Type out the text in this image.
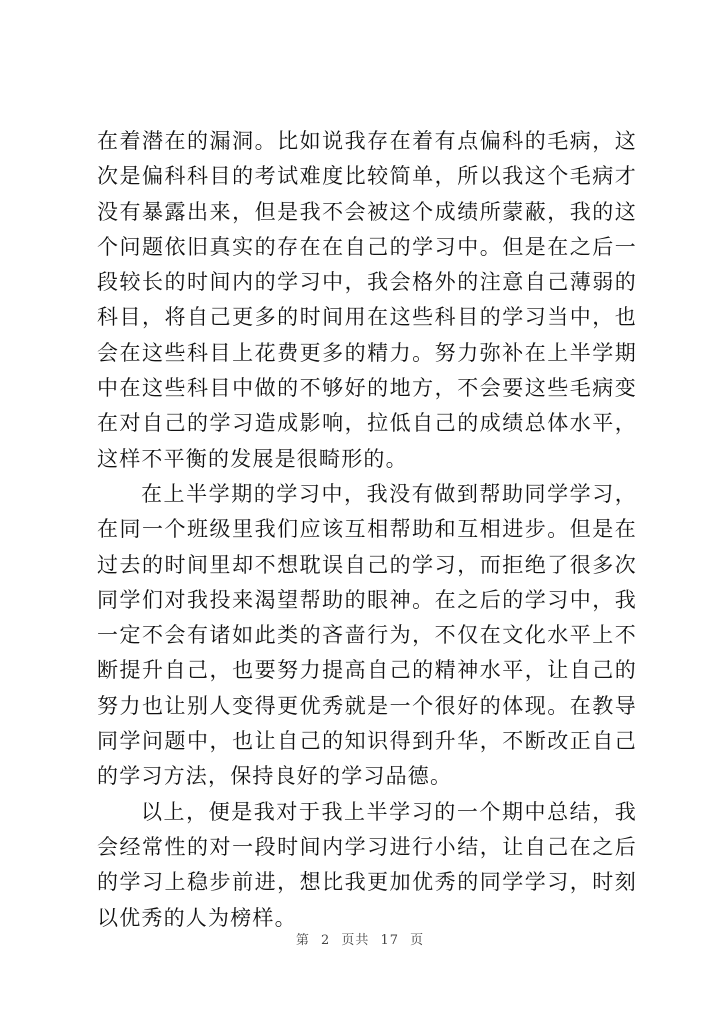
在着潜在的漏洞。比如说我存在着有点偏科的毛病，这次是偏科科目的考试难度比较简单，所以我这个毛病才没有暴露出来，但是我不会被这个成绩所蒙蔽，我的这个问题依旧真实的存在在自己的学习中。但是在之后一段较长的时间内的学习中，我会格外的注意自己薄弱的科目，将自己更多的时间用在这些科目的学习当中，也会在这些科目上花费更多的精力。努力弥补在上半学期中在这些科目中做的不够好的地方，不会要这些毛病变在对自己的学习造成影响，拉低自己的成绩总体水平，这样不平衡的发展是很畸形的。

在上半学期的学习中，我没有做到帮助同学学习，在同一个班级里我们应该互相帮助和互相进步。但是在过去的时间里却不想耽误自己的学习，而拒绝了很多次同学们对我投来渴望帮助的眼神。在之后的学习中，我一定不会有诸如此类的吝啬行为，不仅在文化水平上不断提升自己，也要努力提高自己的精神水平，让自己的努力也让别人变得更优秀就是一个很好的体现。在教导同学问题中，也让自己的知识得到升华，不断改正自己的学习方法，保持良好的学习品德。

以上，便是我对于我上半学习的一个期中总结，我会经常性的对一段时间内学习进行小结，让自己在之后的学习上稳步前进，想比我更加优秀的同学学习，时刻以优秀的人为榜样。

第 2 页共 17 页
